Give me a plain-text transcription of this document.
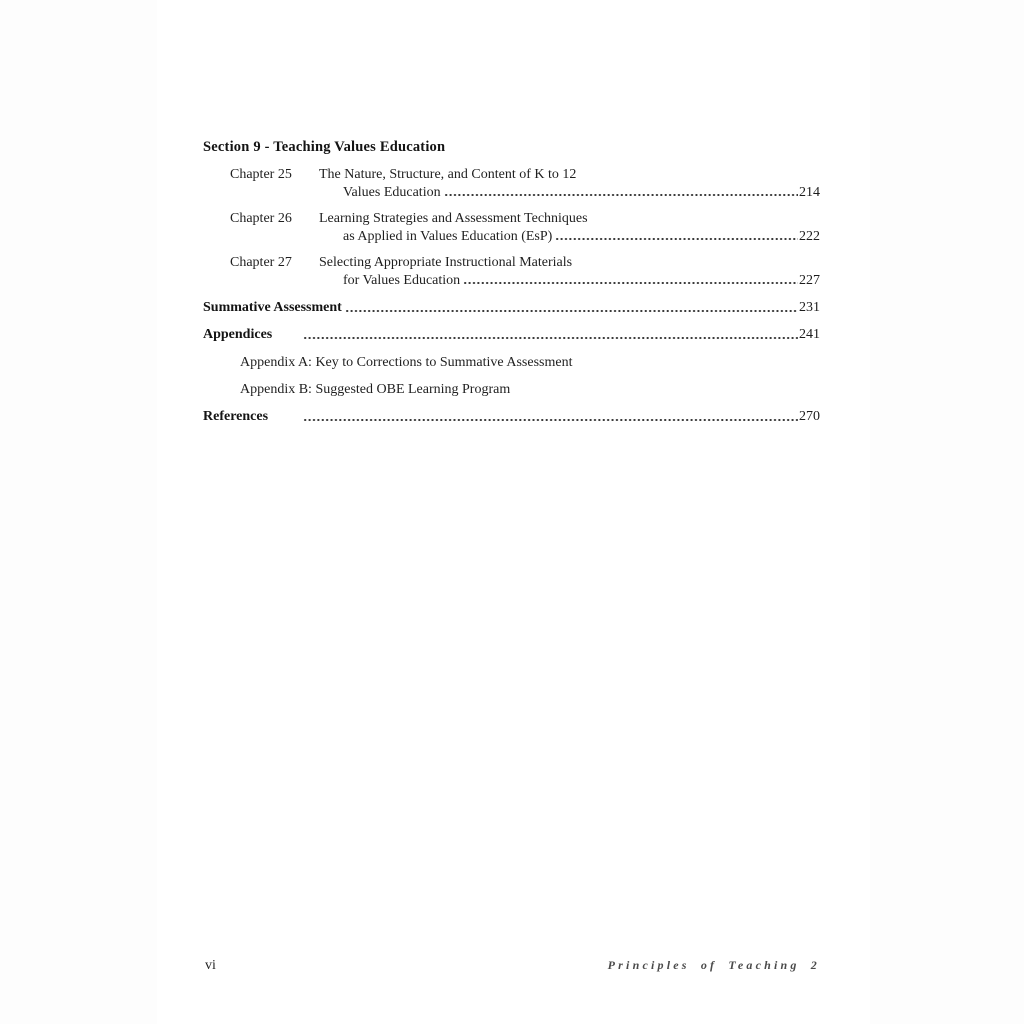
Section 9 - Teaching Values Education
Chapter 25	The Nature, Structure, and Content of K to 12
Values Education	214
Chapter 26	Learning Strategies and Assessment Techniques
as Applied in Values Education (EsP)	222
Chapter 27	Selecting Appropriate Instructional Materials
for Values Education	227
Summative Assessment	231
Appendices	241
Appendix A: Key to Corrections to Summative Assessment
Appendix B: Suggested OBE Learning Program
References	270
vi	Principles of Teaching 2
